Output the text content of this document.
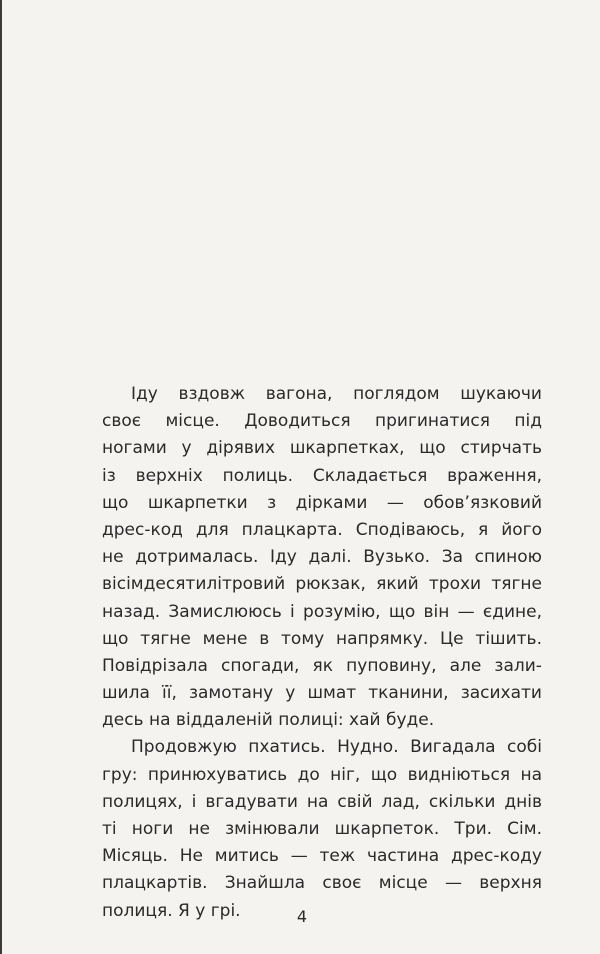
Іду вздовж вагона, поглядом шукаючи
своє місце. Доводиться пригинатися під
ногами у дірявих шкарпетках, що стирчать
із верхніх полиць. Складається враження,
що шкарпетки з дірками — обов’язковий
дрес-код для плацкарта. Сподіваюсь, я його
не дотрималась. Іду далі. Вузько. За спиною
вісімдесятилітровий рюкзак, який трохи тягне
назад. Замислююсь і розумію, що він — єдине,
що тягне мене в тому напрямку. Це тішить.
Повідрізала спогади, як пуповину, але зали-
шила її, замотану у шмат тканини, засихати
десь на віддаленій полиці: хай буде.
Продовжую пхатись. Нудно. Вигадала собі
гру: принюхуватись до ніг, що видніються на
полицях, і вгадувати на свій лад, скільки днів
ті ноги не змінювали шкарпеток. Три. Сім.
Місяць. Не митись — теж частина дрес-коду
плацкартів. Знайшла своє місце — верхня
полиця. Я у грі.	4
